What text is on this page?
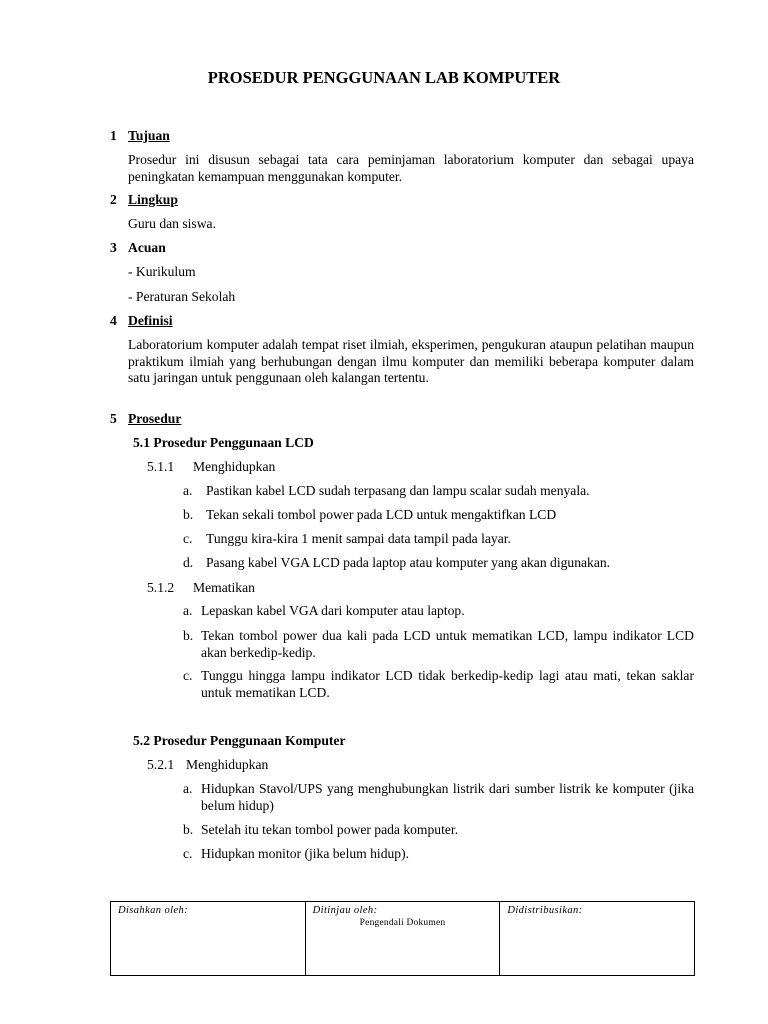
PROSEDUR PENGGUNAAN LAB KOMPUTER
1 Tujuan
Prosedur ini disusun sebagai tata cara peminjaman laboratorium komputer dan sebagai upaya peningkatan kemampuan menggunakan komputer.
2 Lingkup
Guru dan siswa.
3 Acuan
- Kurikulum
- Peraturan Sekolah
4 Definisi
Laboratorium komputer adalah tempat riset ilmiah, eksperimen, pengukuran ataupun pelatihan maupun praktikum ilmiah yang berhubungan dengan ilmu komputer dan memiliki beberapa komputer dalam satu jaringan untuk penggunaan oleh kalangan tertentu.
5 Prosedur
5.1 Prosedur Penggunaan LCD
5.1.1 Menghidupkan
a. Pastikan kabel LCD sudah terpasang dan lampu scalar sudah menyala.
b. Tekan sekali tombol power pada LCD untuk mengaktifkan LCD
c. Tunggu kira-kira 1 menit sampai data tampil pada layar.
d. Pasang kabel VGA LCD pada laptop atau komputer yang akan digunakan.
5.1.2 Mematikan
a. Lepaskan kabel VGA dari komputer atau laptop.
b. Tekan tombol power dua kali pada LCD untuk mematikan LCD, lampu indikator LCD akan berkedip-kedip.
c. Tunggu hingga lampu indikator LCD tidak berkedip-kedip lagi atau mati, tekan saklar untuk mematikan LCD.
5.2 Prosedur Penggunaan Komputer
5.2.1 Menghidupkan
a. Hidupkan Stavol/UPS yang menghubungkan listrik dari sumber listrik ke komputer (jika belum hidup)
b. Setelah itu tekan tombol power pada komputer.
c. Hidupkan monitor (jika belum hidup).
Disahkan oleh:	Ditinjau oleh:
Pengendali Dokumen
Didistribusikan:
